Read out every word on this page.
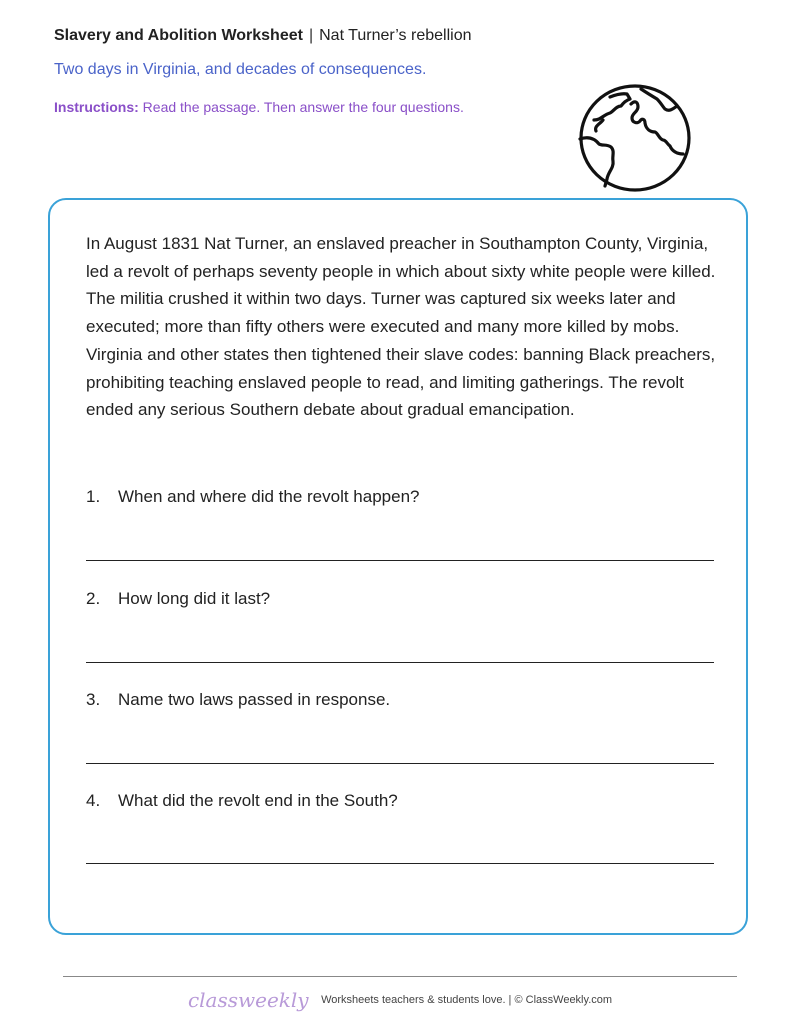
Slavery and Abolition Worksheet | Nat Turner’s rebellion
Two days in Virginia, and decades of consequences.
Instructions: Read the passage. Then answer the four questions.
In August 1831 Nat Turner, an enslaved preacher in Southampton County, Virginia, led a revolt of perhaps seventy people in which about sixty white people were killed. The militia crushed it within two days. Turner was captured six weeks later and executed; more than fifty others were executed and many more killed by mobs. Virginia and other states then tightened their slave codes: banning Black preachers, prohibiting teaching enslaved people to read, and limiting gatherings. The revolt ended any serious Southern debate about gradual emancipation.
1. When and where did the revolt happen?
2. How long did it last?
3. Name two laws passed in response.
4. What did the revolt end in the South?
classweekly Worksheets teachers & students love. | © ClassWeekly.com
